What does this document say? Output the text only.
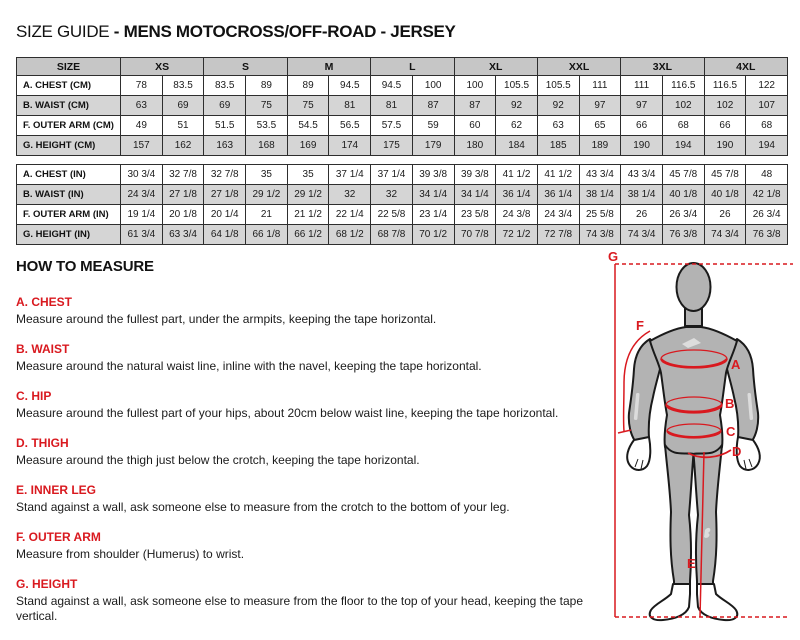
SIZE GUIDE - MENS MOTOCROSS/OFF-ROAD - JERSEY
SIZE	XS		S		M		L		XL		XXL		3XL		4XL	
A. CHEST (CM)	78	83.5	83.5	89	89	94.5	94.5	100	100	105.5	105.5	111	111	116.5	116.5	122
B. WAIST (CM)	63	69	69	75	75	81	81	87	87	92	92	97	97	102	102	107
F. OUTER ARM (CM)	49	51	51.5	53.5	54.5	56.5	57.5	59	60	62	63	65	66	68	66	68
G. HEIGHT (CM)	157	162	163	168	169	174	175	179	180	184	185	189	190	194	190	194
A. CHEST (IN)	30 3/4	32 7/8	32 7/8	35	35	37 1/4	37 1/4	39 3/8	39 3/8	41 1/2	41 1/2	43 3/4	43 3/4	45 7/8	45 7/8	48
B. WAIST (IN)	24 3/4	27 1/8	27 1/8	29 1/2	29 1/2	32	32	34 1/4	34 1/4	36 1/4	36 1/4	38 1/4	38 1/4	40 1/8	40 1/8	42 1/8
F. OUTER ARM (IN)	19 1/4	20 1/8	20 1/4	21	21 1/2	22 1/4	22 5/8	23 1/4	23 5/8	24 3/8	24 3/4	25 5/8	26	26 3/4	26	26 3/4
G. HEIGHT (IN)	61 3/4	63 3/4	64 1/8	66 1/8	66 1/2	68 1/2	68 7/8	70 1/2	70 7/8	72 1/2	72 7/8	74 3/8	74 3/4	76 3/8	74 3/4	76 3/8
HOW TO MEASURE
A. CHEST

Measure around the fullest part, under the armpits, keeping the tape horizontal.

B. WAIST

Measure around the natural waist line, inline with the navel, keeping the tape horizontal.

C. HIP

Measure around the fullest part of your hips, about 20cm below waist line, keeping the tape horizontal.

D. THIGH

Measure around the thigh just below the crotch, keeping the tape horizontal.

E. INNER LEG

Stand against a wall, ask someone else to measure from the crotch to the bottom of your leg.

F. OUTER ARM

Measure from shoulder (Humerus) to wrist.

G. HEIGHT

Stand against a wall, ask someone else to measure from the floor to the top of your head, keeping the tape vertical.

G
F
A
B
C
D
E
